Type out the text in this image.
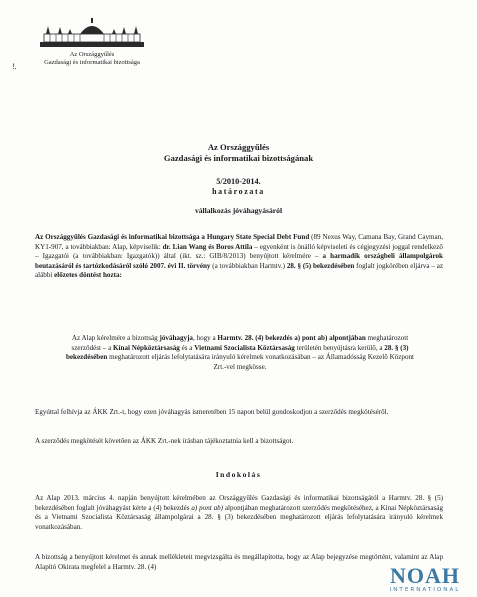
Az Országgyűlés
Gazdasági és informatikai bizottsága
!.
Az Országgyűlés
Gazdasági és informatikai bizottságának
5/2010-2014.
határozata
vállalkozás jóváhagyásáról
Az Országgyűlés Gazdasági és informatikai bizottsága a Hungary State Special Debt Fund (89 Nexus Way, Camana Bay, Grand Cayman, KY1-907, a továbbiakban: Alap, képviselik: dr. Lian Wang és Boros Attila – egyenként is önálló képviseleti és cégjegyzési joggal rendelkező – Igazgatói (a továbbiakban: Igazgatók)) által (ikt. sz.: GIB/8/2013) benyújtott kérelmére – a harmadik országbeli állampolgárok beutazásáról és tartózkodásáról szóló 2007. évi II. törvény (a továbbiakban Harmtv.) 28. § (5) bekezdésében foglalt jogkörében eljárva – az alábbi előzetes döntést hozta:
Az Alap kérelmére a bizottság jóváhagyja, hogy a Harmtv. 28. (4) bekezdés a) pont ab) alpontjában meghatározott szerződést – a Kínai Népköztársaság és a Vietnami Szocialista Köztársaság területén benyújtásra kerülő, a 28. § (3) bekezdésében meghatározott eljárás lefolytatására irányuló kérelmek vonatkozásában – az Államadósság Kezelő Központ Zrt.-vel megkösse.
Egyúttal felhívja az ÁKK Zrt.-t, hogy ezen jóváhagyás ismeretében 15 napon belül gondoskodjon a szerződés megkötéséről.
A szerződés megkötését követően az ÁKK Zrt.-nek írásban tájékoztatnia kell a bizottságot.
Indokolás
Az Alap 2013. március 4. napján benyújtott kérelmében az Országgyűlés Gazdasági és informatikai bizottságától a Harmtv. 28. § (5) bekezdésében foglalt jóváhagyást kérte a (4) bekezdés a) pont ab) alpontjában meghatározott szerződés megkötéséhez, a Kínai Népköztársaság és a Vietnami Szocialista Köztársaság állampolgárai a 28. § (3) bekezdésében meghatározott eljárás lefolytatására irányuló kérelmek vonatkozásában.
A bizottság a benyújtott kérelmet és annak mellékleteit megvizsgálta és megállapította, hogy az Alap bejegyzése megtörtént, valamint az Alap Alapító Okirata megfelel a Harmtv. 28. (4)	NOAH
INTERNATIONAL
